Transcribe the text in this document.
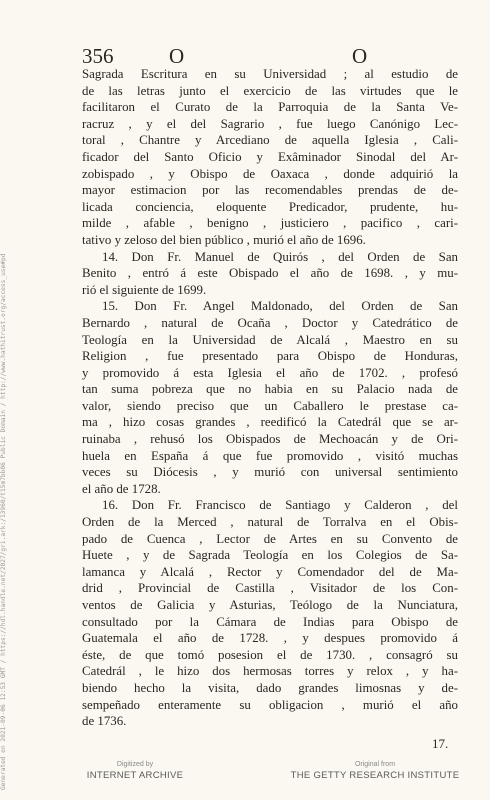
356	O	O
Sagrada Escritura en su Universidad ; al estudio de
de las letras junto el exercicio de las virtudes que le
facilitaron el Curato de la Parroquia de la Santa Ve-
racruz , y el del Sagrario , fue luego Canónigo Lec-
toral , Chantre y Arcediano de aquella Iglesia , Cali-
ficador del Santo Oficio y Exâminador Sinodal del Ar-
zobispado , y Obispo de Oaxaca , donde adquirió la
mayor estimacion por las recomendables prendas de de-
licada conciencia, eloquente Predicador, prudente, hu-
milde , afable , benigno , justiciero , pacifico , cari-
tativo y zeloso del bien público , murió el año de 1696.
14. Don Fr. Manuel de Quirós , del Orden de San
Benito , entró á este Obispado el año de 1698. , y mu-
rió el siguiente de 1699.
15. Don Fr. Angel Maldonado, del Orden de San
Bernardo , natural de Ocaña , Doctor y Catedrático de
Teología en la Universidad de Alcalá , Maestro en su
Religion , fue presentado para Obispo de Honduras,
y promovido á esta Iglesia el año de 1702. , profesó
tan suma pobreza que no habia en su Palacio nada de
valor, siendo preciso que un Caballero le prestase ca-
ma , hizo cosas grandes , reedificó la Catedrál que se ar-
ruinaba , rehusó los Obispados de Mechoacán y de Ori-
huela en España á que fue promovido , visitó muchas
veces su Diócesis , y murió con universal sentimiento
el año de 1728.
16. Don Fr. Francisco de Santiago y Calderon , del
Orden de la Merced , natural de Torralva en el Obis-
pado de Cuenca , Lector de Artes en su Convento de
Huete , y de Sagrada Teología en los Colegios de Sa-
lamanca y Alcalá , Rector y Comendador del de Ma-
drid , Provincial de Castilla , Visitador de los Con-
ventos de Galicia y Asturias, Teólogo de la Nunciatura,
consultado por la Cámara de Indias para Obispo de
Guatemala el año de 1728. , y despues promovido á
éste, de que tomó posesion el de 1730. , consagró su
Catedrál , le hizo dos hermosas torres y relox , y ha-
biendo hecho la visita, dado grandes limosnas y de-
sempeñado enteramente su obligacion , murió el año
de 1736.
17.
Generated on 2021-09-06 12:53 GMT / https://hdl.handle.net/2027/gri.ark:/13960/t15m7bb06 Public Domain / http://www.hathitrust.org/access_use#pd	Digitized by
INTERNET ARCHIVE
Original from
THE GETTY RESEARCH INSTITUTE
